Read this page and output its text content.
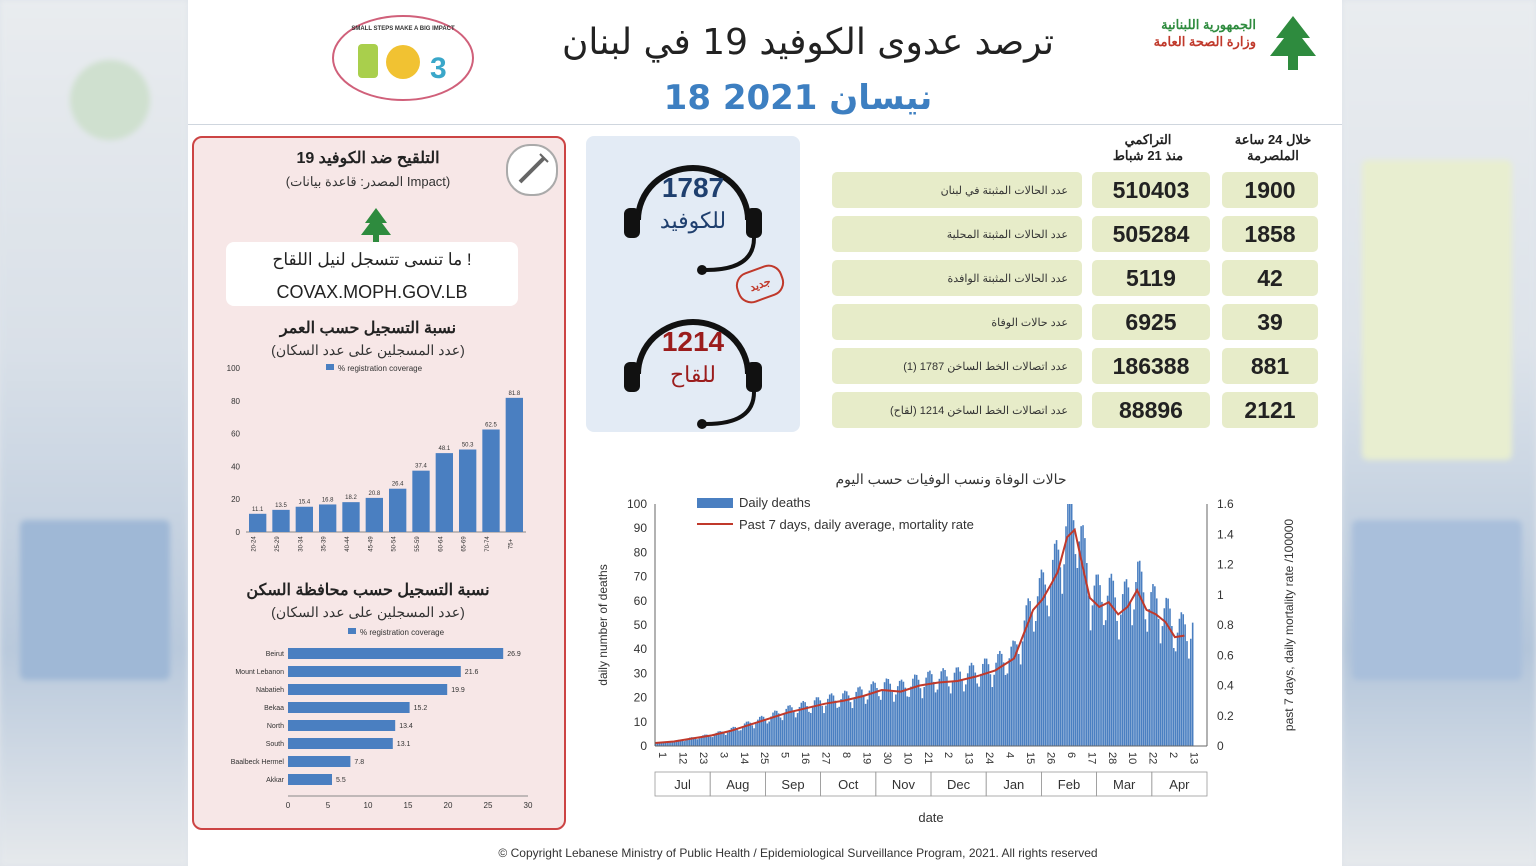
الجمهورية اللبنانية
وزارة الصحة العامة
3
SMALL STEPS MAKE A BIG IMPACT	ترصد عدوى الكوفيد 19 في لبنان
18 نيسان 2021
خلال 24 ساعة
الملصرمة
التراكمي
منذ 21 شباط
عدد الحالات المثبتة في لبنان	510403	1900
عدد الحالات المثبتة المحلية	505284	1858
عدد الحالات المثبتة الوافدة	5119	42
عدد حالات الوفاة	6925	39
عدد اتصالات الخط الساخن 1787 (1)	186388	881
عدد اتصالات الخط الساخن 1214 (لقاح)	88896	2121
1787
للكوفيد
1214
للقاح
جديد
التلقيح ضد الكوفيد 19
(المصدر: قاعدة بيانات Impact)
ما تنسى تتسجل لنيل اللقاح !
COVAX.MOPH.GOV.LB
نسبة التسجيل حسب العمر
(عدد المسجلين على عدد السكان)
% registration coverage
0
20
40
60
80
100
11.1
20-24
13.5
25-29
15.4
30-34
16.8
35-39
18.2
40-44
20.8
45-49
26.4
50-54
37.4
55-59
48.1
60-64
50.3
65-69
62.5
70-74
81.8
75+
نسبة التسجيل حسب محافظة السكن
(عدد المسجلين على عدد السكان)
% registration coverage
Beirut	26.9
Mount Lebanon	21.6
Nabatieh	19.9
Bekaa	15.2
North	13.4
South	13.1
Baalbeck Hermel	7.8
Akkar	5.5
0	5	10	15	20	25	30
حالات الوفاة ونسب الوفيات حسب اليوم
0
10
20
30
40
50
60
70
80
90
100
0
0.2
0.4
0.6
0.8
1
1.2
1.4
1.6
daily number of deaths	past 7 days, daily mortality rate /100000
Daily deaths
Past 7 days, daily average, mortality rate
1 12 23 3 14 25 5 16 27 8 19 30 10 21 2 13 24 4 15 26 6 17 28 10 22 2 13
Jul	Aug Sep	Oct	Nov Dec	Jan	Feb	Mar	Apr
date
© Copyright Lebanese Ministry of Public Health / Epidemiological Surveillance Program, 2021. All rights reserved
